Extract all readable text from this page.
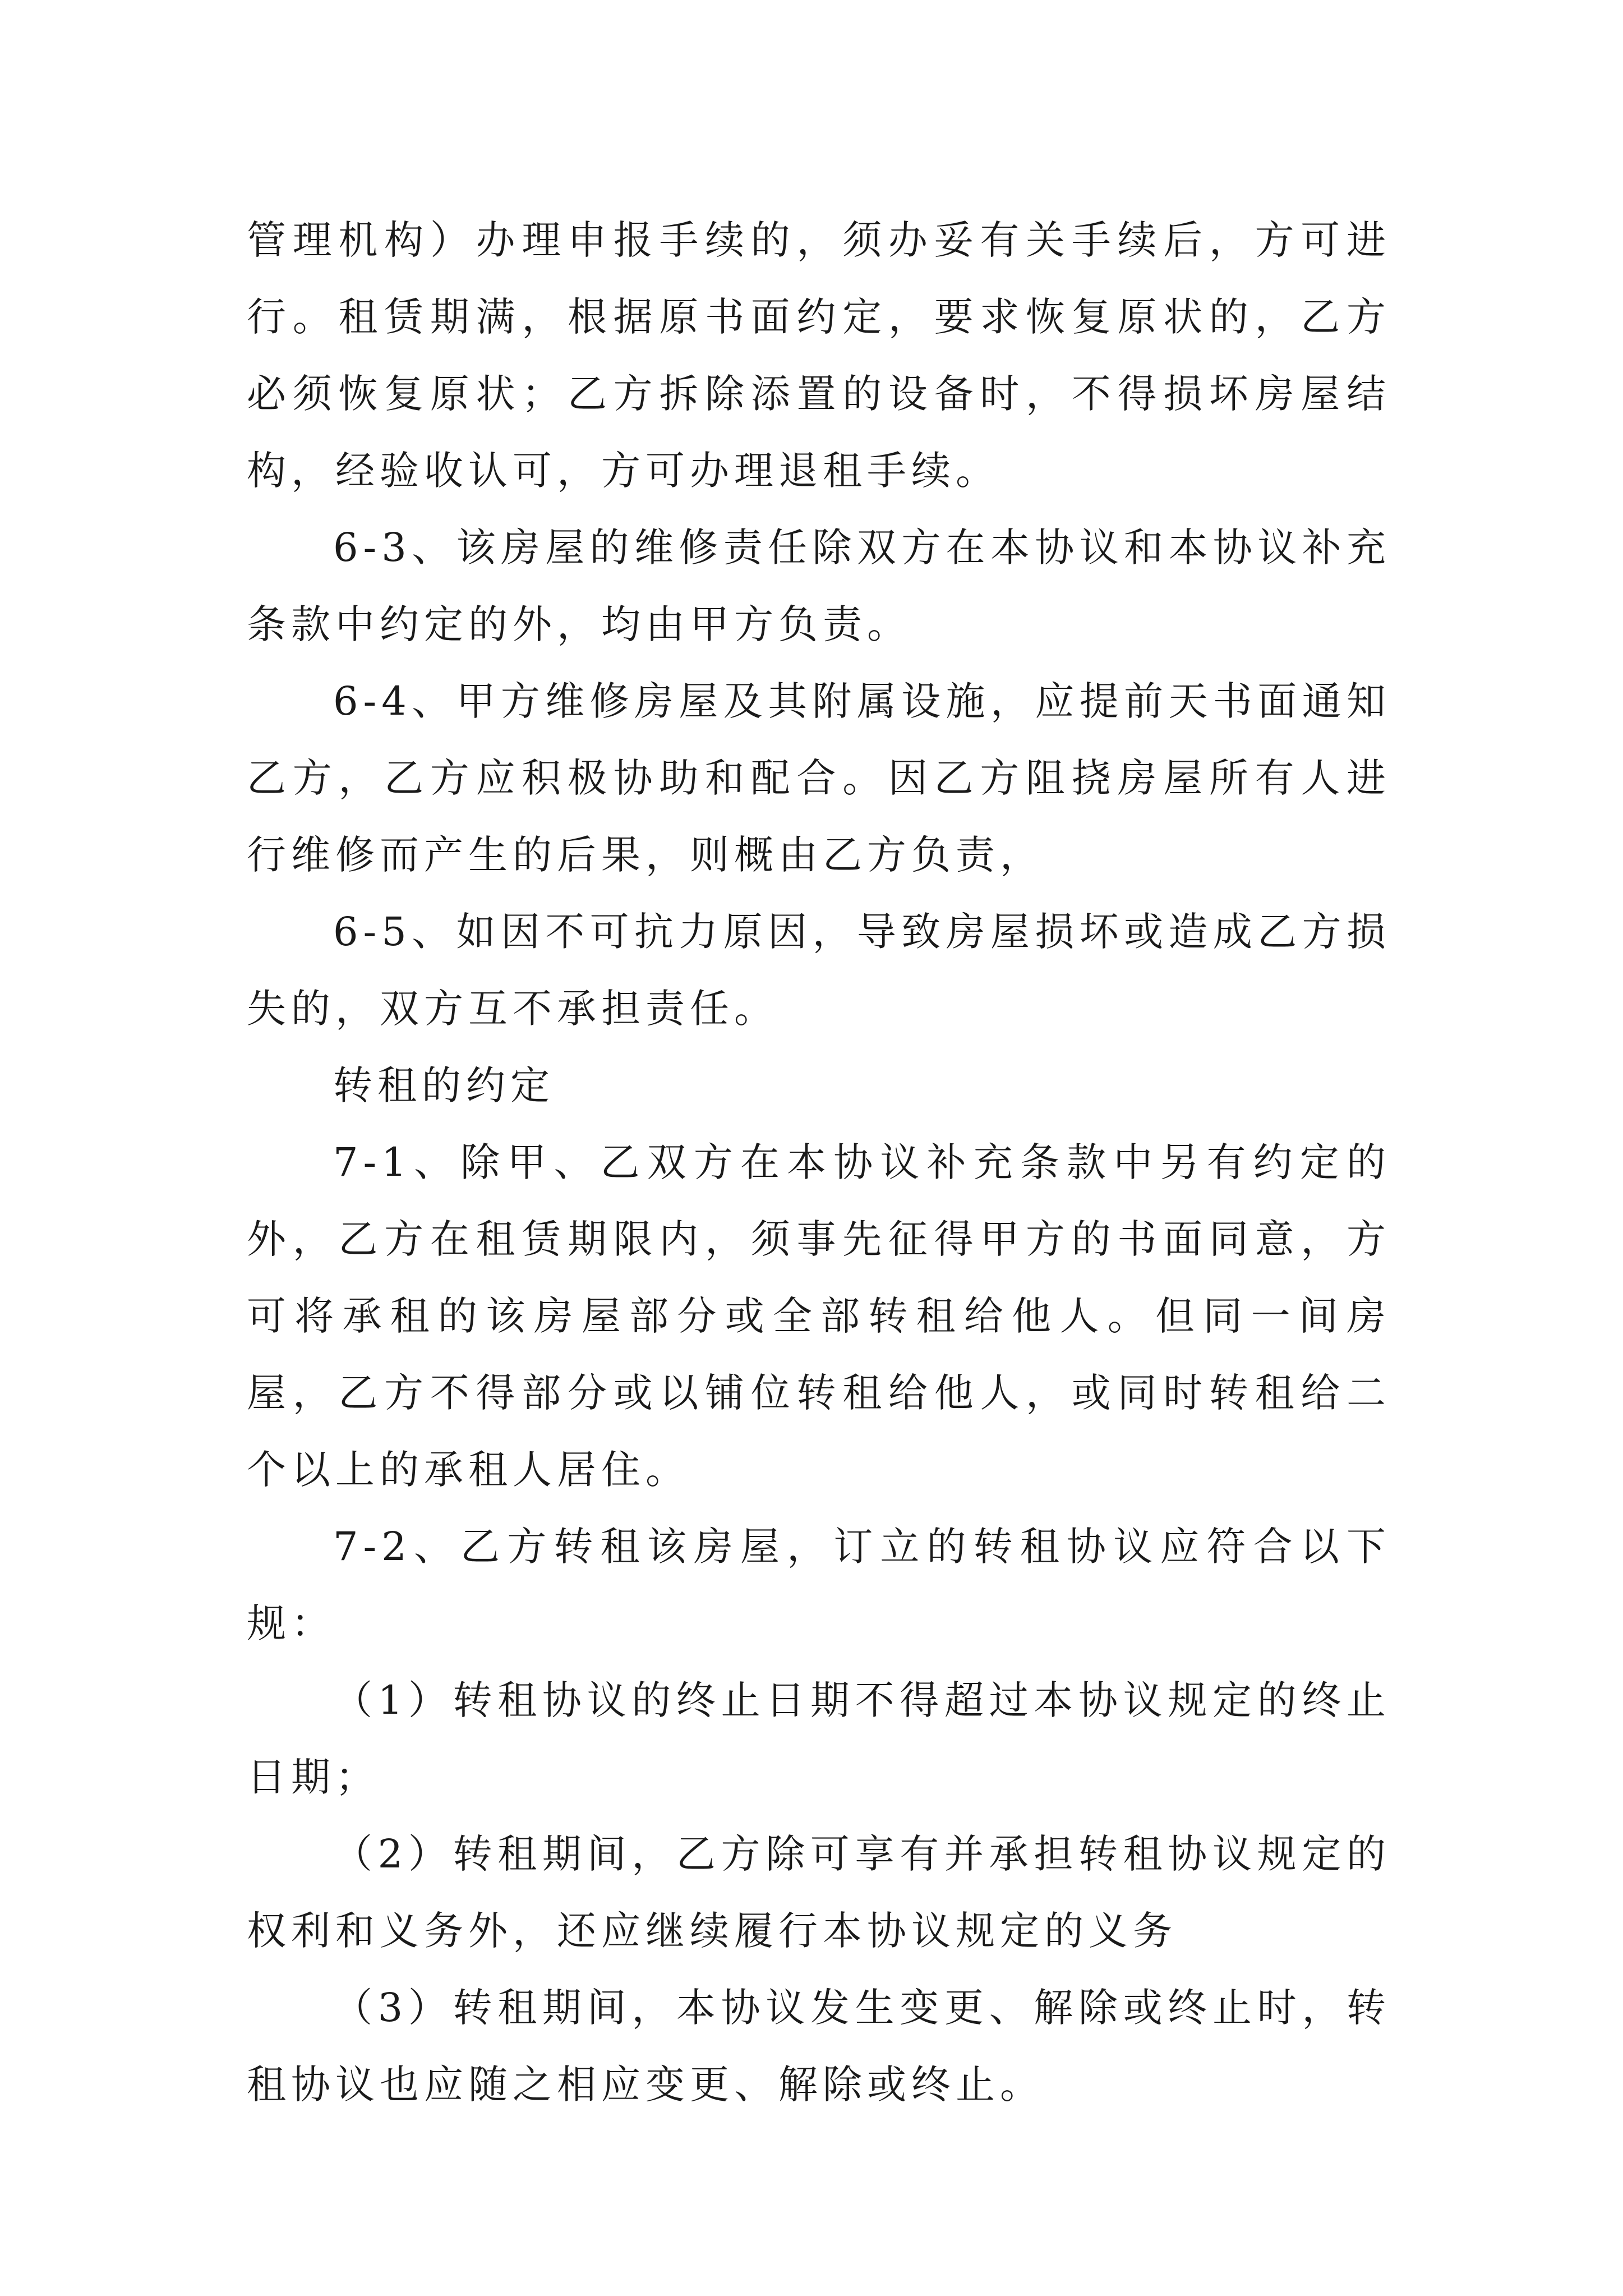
管理机构）办理申报手续的，须办妥有关手续后，方可进行。租赁期满，根据原书面约定，要求恢复原状的，乙方必须恢复原状；乙方拆除添置的设备时，不得损坏房屋结构，经验收认可，方可办理退租手续。

6-3、该房屋的维修责任除双方在本协议和本协议补充条款中约定的外，均由甲方负责。

6-4、甲方维修房屋及其附属设施，应提前天书面通知乙方，乙方应积极协助和配合。因乙方阻挠房屋所有人进行维修而产生的后果，则概由乙方负责，

6-5、如因不可抗力原因，导致房屋损坏或造成乙方损失的，双方互不承担责任。

转租的约定

7-1、除甲、乙双方在本协议补充条款中另有约定的外，乙方在租赁期限内，须事先征得甲方的书面同意，方可将承租的该房屋部分或全部转租给他人。但同一间房屋，乙方不得部分或以铺位转租给他人，或同时转租给二个以上的承租人居住。

7-2、乙方转租该房屋，订立的转租协议应符合以下规：

（1）转租协议的终止日期不得超过本协议规定的终止日期；

（2）转租期间，乙方除可享有并承担转租协议规定的权利和义务外，还应继续履行本协议规定的义务

（3）转租期间，本协议发生变更、解除或终止时，转租协议也应随之相应变更、解除或终止。
